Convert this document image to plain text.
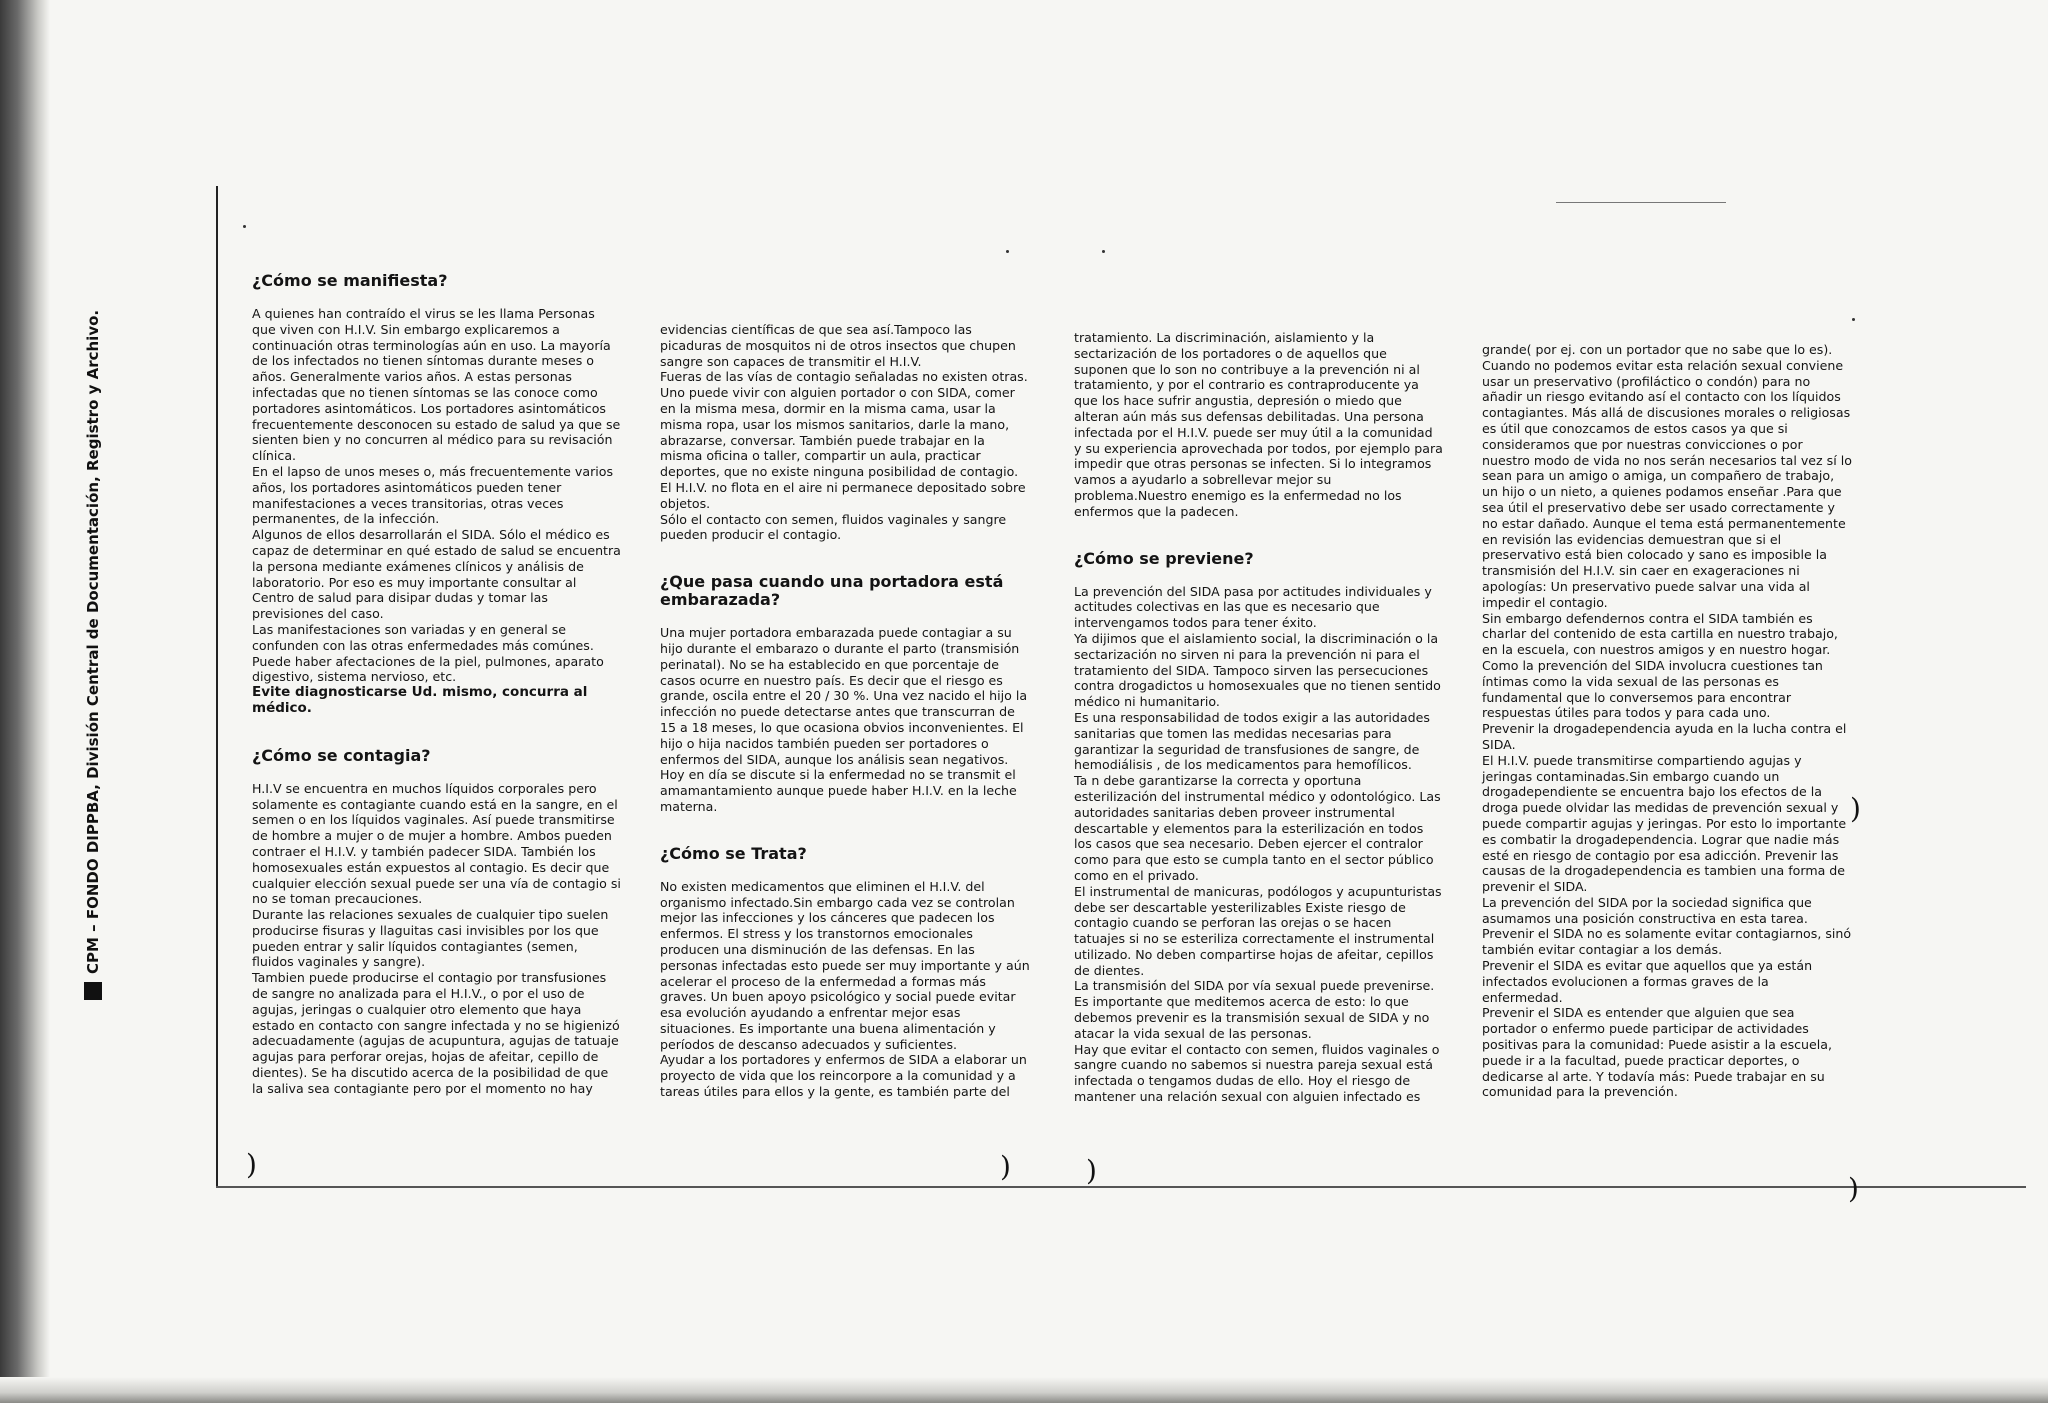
CPM – FONDO DIPPBA, División Central de Documentación, Registro y Archivo.
¿Cómo se manifiesta?

A quienes han contraído el virus se les llama Personas que viven con H.I.V. Sin embargo explicaremos a continuación otras terminologías aún en uso. La mayoría de los infectados no tienen síntomas durante meses o años. Generalmente varios años. A estas personas infectadas que no tienen síntomas se las conoce como portadores asintomáticos. Los portadores asintomáticos frecuentemente desconocen su estado de salud ya que se sienten bien y no concurren al médico para su revisación clínica.

En el lapso de unos meses o, más frecuentemente varios años, los portadores asintomáticos pueden tener manifestaciones a veces transitorias, otras veces permanentes, de la infección.

Algunos de ellos desarrollarán el SIDA. Sólo el médico es capaz de determinar en qué estado de salud se encuentra la persona mediante exámenes clínicos y análisis de laboratorio. Por eso es muy importante consultar al Centro de salud para disipar dudas y tomar las previsiones del caso.

Las manifestaciones son variadas y en general se confunden con las otras enfermedades más comúnes. Puede haber afectaciones de la piel, pulmones, aparato digestivo, sistema nervioso, etc.

Evite diagnosticarse Ud. mismo, concurra al médico.

¿Cómo se contagia?

H.I.V se encuentra en muchos líquidos corporales pero solamente es contagiante cuando está en la sangre, en el semen o en los líquidos vaginales. Así puede transmitirse de hombre a mujer o de mujer a hombre. Ambos pueden contraer el H.I.V. y también padecer SIDA. También los homosexuales están expuestos al contagio. Es decir que cualquier elección sexual puede ser una vía de contagio si no se toman precauciones.

Durante las relaciones sexuales de cualquier tipo suelen producirse fisuras y llaguitas casi invisibles por los que pueden entrar y salir líquidos contagiantes (semen, fluidos vaginales y sangre).

Tambien puede producirse el contagio por transfusiones de sangre no analizada para el H.I.V., o por el uso de agujas, jeringas o cualquier otro elemento que haya estado en contacto con sangre infectada y no se higienizó adecuadamente (agujas de acupuntura, agujas de tatuaje agujas para perforar orejas, hojas de afeitar, cepillo de dientes). Se ha discutido acerca de la posibilidad de que la saliva sea contagiante pero por el momento no hay

evidencias científicas de que sea así.Tampoco las picaduras de mosquitos ni de otros insectos que chupen sangre son capaces de transmitir el H.I.V.

Fueras de las vías de contagio señaladas no existen otras. Uno puede vivir con alguien portador o con SIDA, comer en la misma mesa, dormir en la misma cama, usar la misma ropa, usar los mismos sanitarios, darle la mano, abrazarse, conversar. También puede trabajar en la misma oficina o taller, compartir un aula, practicar deportes, que no existe ninguna posibilidad de contagio.

El H.I.V. no flota en el aire ni permanece depositado sobre objetos.

Sólo el contacto con semen, fluidos vaginales y sangre pueden producir el contagio.

¿Que pasa cuando una portadora está embarazada?

Una mujer portadora embarazada puede contagiar a su hijo durante el embarazo o durante el parto (transmisión perinatal). No se ha establecido en que porcentaje de casos ocurre en nuestro país. Es decir que el riesgo es grande, oscila entre el 20 / 30 %. Una vez nacido el hijo la infección no puede detectarse antes que transcurran de 15 a 18 meses, lo que ocasiona obvios inconvenientes. El hijo o hija nacidos también pueden ser portadores o enfermos del SIDA, aunque los análisis sean negativos. Hoy en día se discute si la enfermedad no se transmit el amamantamiento aunque puede haber H.I.V. en la leche materna.

¿Cómo se Trata?

No existen medicamentos que eliminen el H.I.V. del organismo infectado.Sin embargo cada vez se controlan mejor las infecciones y los cánceres que padecen los enfermos. El stress y los transtornos emocionales producen una disminución de las defensas. En las personas infectadas esto puede ser muy importante y aún acelerar el proceso de la enfermedad a formas más graves. Un buen apoyo psicológico y social puede evitar esa evolución ayudando a enfrentar mejor esas situaciones. Es importante una buena alimentación y períodos de descanso adecuados y suficientes.

Ayudar a los portadores y enfermos de SIDA a elaborar un proyecto de vida que los reincorpore a la comunidad y a tareas útiles para ellos y la gente, es también parte del

tratamiento. La discriminación, aislamiento y la sectarización de los portadores o de aquellos que suponen que lo son no contribuye a la prevención ni al tratamiento, y por el contrario es contraproducente ya que los hace sufrir angustia, depresión o miedo que alteran aún más sus defensas debilitadas. Una persona infectada por el H.I.V. puede ser muy útil a la comunidad y su experiencia aprovechada por todos, por ejemplo para impedir que otras personas se infecten. Si lo integramos vamos a ayudarlo a sobrellevar mejor su problema.Nuestro enemigo es la enfermedad no los enfermos que la padecen.

¿Cómo se previene?

La prevención del SIDA pasa por actitudes individuales y actitudes colectivas en las que es necesario que intervengamos todos para tener éxito.

Ya dijimos que el aislamiento social, la discriminación o la sectarización no sirven ni para la prevención ni para el tratamiento del SIDA. Tampoco sirven las persecuciones contra drogadictos u homosexuales que no tienen sentido médico ni humanitario.

Es una responsabilidad de todos exigir a las autoridades sanitarias que tomen las medidas necesarias para garantizar la seguridad de transfusiones de sangre, de hemodiálisis , de los medicamentos para hemofílicos.

Ta n debe garantizarse la correcta y oportuna esterilización del instrumental médico y odontológico. Las autoridades sanitarias deben proveer instrumental descartable y elementos para la esterilización en todos los casos que sea necesario. Deben ejercer el contralor como para que esto se cumpla tanto en el sector público como en el privado.

El instrumental de manicuras, podólogos y acupunturistas debe ser descartable yesterilizables Existe riesgo de contagio cuando se perforan las orejas o se hacen tatuajes si no se esteriliza correctamente el instrumental utilizado. No deben compartirse hojas de afeitar, cepillos de dientes.

La transmisión del SIDA por vía sexual puede prevenirse. Es importante que meditemos acerca de esto: lo que debemos prevenir es la transmisión sexual de SIDA y no atacar la vida sexual de las personas.

Hay que evitar el contacto con semen, fluidos vaginales o sangre cuando no sabemos si nuestra pareja sexual está infectada o tengamos dudas de ello. Hoy el riesgo de mantener una relación sexual con alguien infectado es

grande( por ej. con un portador que no sabe que lo es). Cuando no podemos evitar esta relación sexual conviene usar un preservativo (profiláctico o condón) para no añadir un riesgo evitando así el contacto con los líquidos contagiantes. Más allá de discusiones morales o religiosas es útil que conozcamos de estos casos ya que si consideramos que por nuestras convicciones o por nuestro modo de vida no nos serán necesarios tal vez sí lo sean para un amigo o amiga, un compañero de trabajo, un hijo o un nieto, a quienes podamos enseñar .Para que sea útil el preservativo debe ser usado correctamente y no estar dañado. Aunque el tema está permanentemente en revisión las evidencias demuestran que si el preservativo está bien colocado y sano es imposible la transmisión del H.I.V. sin caer en exageraciones ni apologías: Un preservativo puede salvar una vida al impedir el contagio.

Sin embargo defendernos contra el SIDA también es charlar del contenido de esta cartilla en nuestro trabajo, en la escuela, con nuestros amigos y en nuestro hogar.

Como la prevención del SIDA involucra cuestiones tan íntimas como la vida sexual de las personas es fundamental que lo conversemos para encontrar respuestas útiles para todos y para cada uno.

Prevenir la drogadependencia ayuda en la lucha contra el SIDA.

El H.I.V. puede transmitirse compartiendo agujas y jeringas contaminadas.Sin embargo cuando un drogadependiente se encuentra bajo los efectos de la droga puede olvidar las medidas de prevención sexual y puede compartir agujas y jeringas. Por esto lo importante es combatir la drogadependencia. Lograr que nadie más esté en riesgo de contagio por esa adicción. Prevenir las causas de la drogadependencia es tambien una forma de prevenir el SIDA.

La prevención del SIDA por la sociedad significa que asumamos una posición constructiva en esta tarea.

Prevenir el SIDA no es solamente evitar contagiarnos, sinó también evitar contagiar a los demás.

Prevenir el SIDA es evitar que aquellos que ya están infectados evolucionen a formas graves de la enfermedad.

Prevenir el SIDA es entender que alguien que sea portador o enfermo puede participar de actividades positivas para la comunidad: Puede asistir a la escuela, puede ir a la facultad, puede practicar deportes, o dedicarse al arte. Y todavía más: Puede trabajar en su comunidad para la prevención.

)	)	)
)
)
